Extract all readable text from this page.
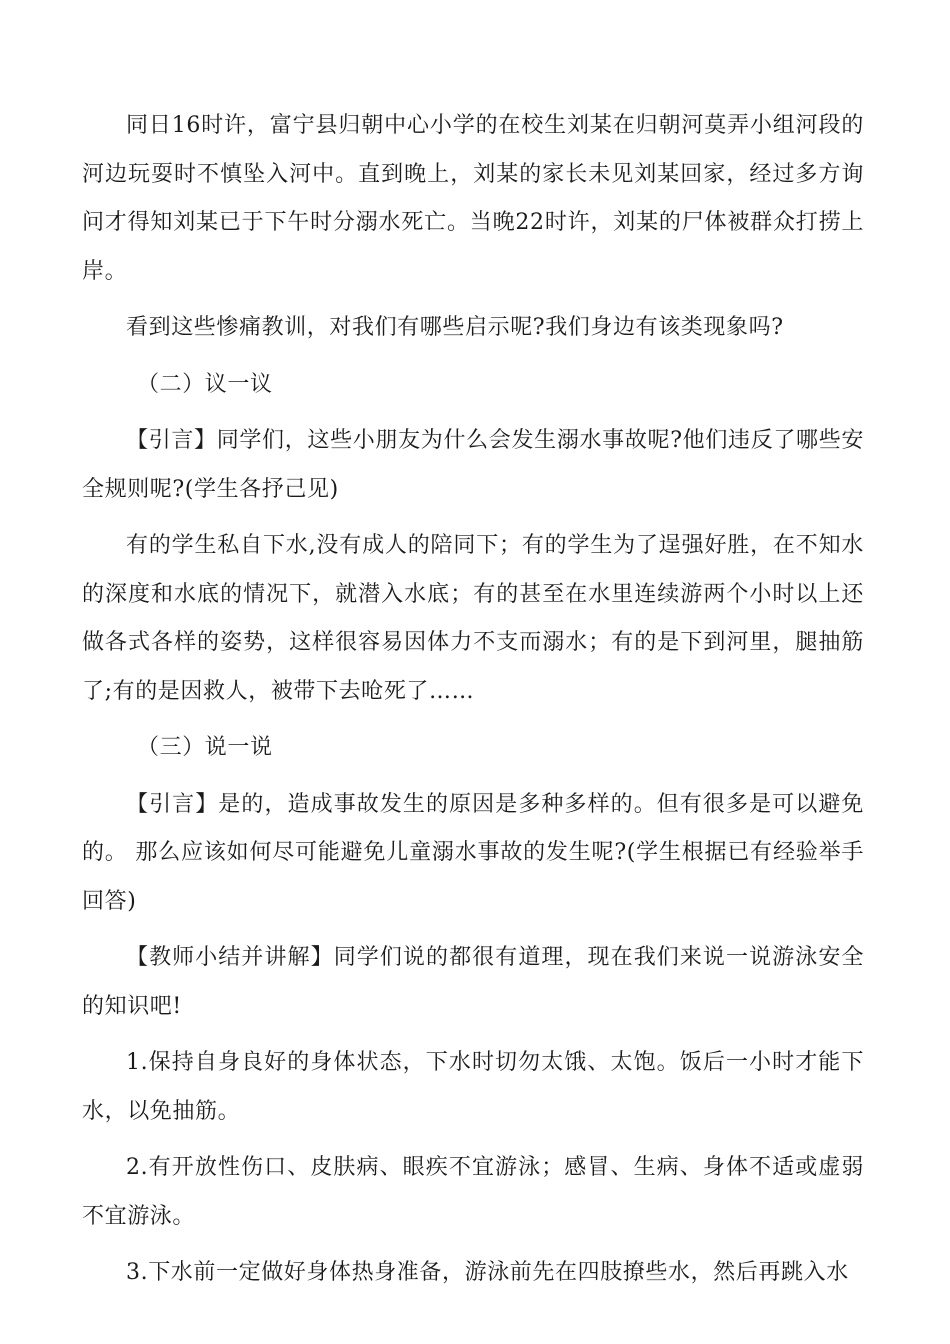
同日16时许，富宁县归朝中心小学的在校生刘某在归朝河莫弄小组河段的河边玩耍时不慎坠入河中。直到晚上，刘某的家长未见刘某回家，经过多方询问才得知刘某已于下午时分溺水死亡。当晚22时许，刘某的尸体被群众打捞上岸。

看到这些惨痛教训，对我们有哪些启示呢?我们身边有该类现象吗?

（二）议一议

【引言】同学们，这些小朋友为什么会发生溺水事故呢?他们违反了哪些安全规则呢?(学生各抒己见)

有的学生私自下水,没有成人的陪同下；有的学生为了逞强好胜，在不知水的深度和水底的情况下，就潜入水底；有的甚至在水里连续游两个小时以上还做各式各样的姿势，这样很容易因体力不支而溺水；有的是下到河里，腿抽筋了;有的是因救人，被带下去呛死了……

（三）说一说

【引言】是的，造成事故发生的原因是多种多样的。但有很多是可以避免的。 那么应该如何尽可能避免儿童溺水事故的发生呢?(学生根据已有经验举手回答)

【教师小结并讲解】同学们说的都很有道理，现在我们来说一说游泳安全的知识吧!

1.保持自身良好的身体状态，下水时切勿太饿、太饱。饭后一小时才能下水，以免抽筋。

2.有开放性伤口、皮肤病、眼疾不宜游泳；感冒、生病、身体不适或虚弱不宜游泳。

3.下水前一定做好身体热身准备，游泳前先在四肢撩些水，然后再跳入水
